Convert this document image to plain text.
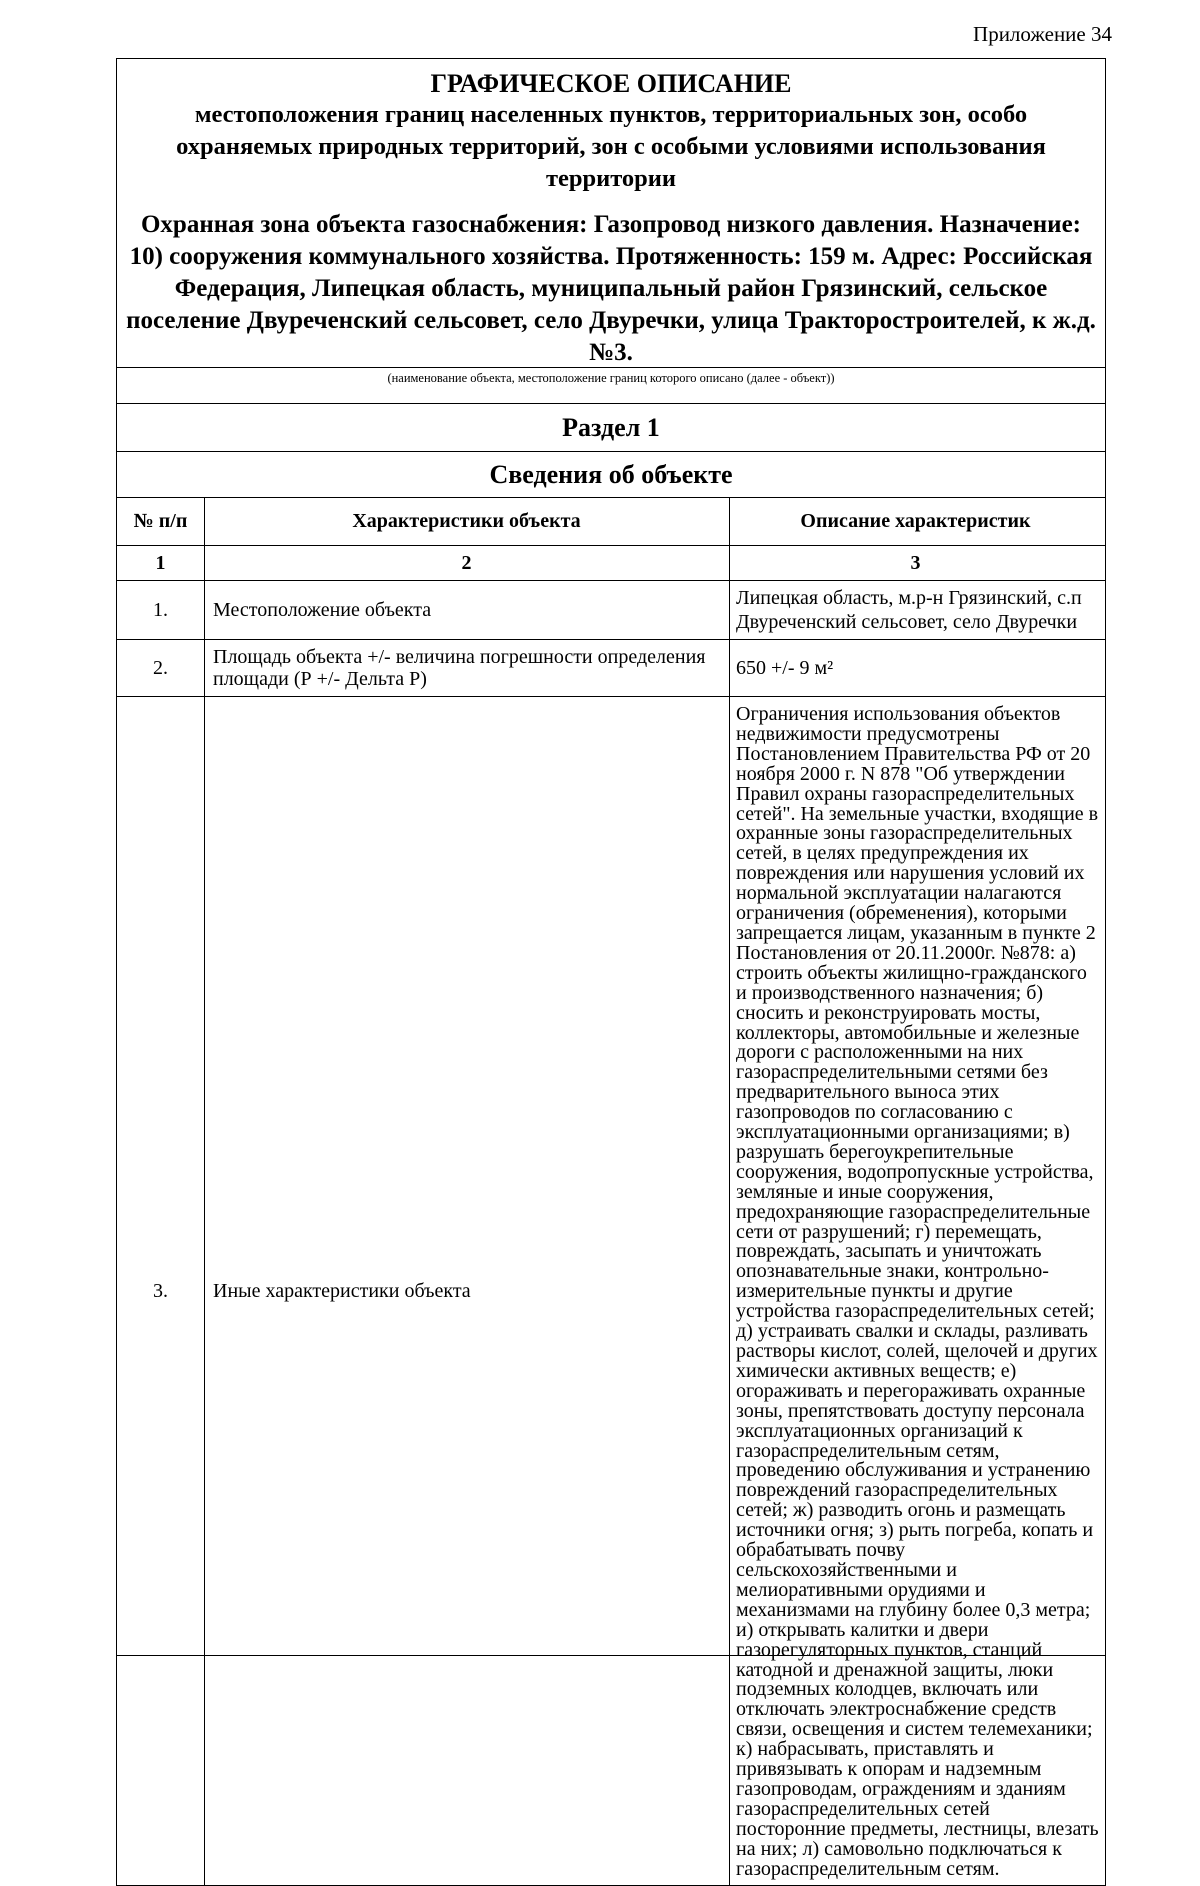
Приложение 34
ГРАФИЧЕСКОЕ ОПИСАНИЕ
местоположения границ населенных пунктов, территориальных зон, особо охраняемых природных территорий, зон с особыми условиями использования территории
Охранная зона объекта газоснабжения: Газопровод низкого давления. Назначение: 10) сооружения коммунального хозяйства. Протяженность: 159 м. Адрес: Российская Федерация, Липецкая область, муниципальный район Грязинский, сельское поселение Двуреченский сельсовет, село Двуречки, улица Тракторостроителей, к ж.д. №3.
(наименование объекта, местоположение границ которого описано (далее - объект))
Раздел 1
Сведения об объекте
№ п/п	Характеристики объекта	Описание характеристик
1	2	3
1.	Местоположение объекта	Липецкая область, м.р-н Грязинский, с.п Двуреченский сельсовет, село Двуречки
2.	Площадь объекта +/- величина погрешности определения площади (Р +/- Дельта Р)	650 +/- 9 м²
3.	Иные характеристики объекта	Ограничения использования объектов недвижимости предусмотрены Постановлением Правительства РФ от 20 ноября 2000 г. N 878 "Об утверждении Правил охраны газораспределительных сетей". На земельные участки, входящие в охранные зоны газораспределительных сетей, в целях предупреждения их повреждения или нарушения условий их нормальной эксплуатации налагаются ограничения (обременения), которыми запрещается лицам, указанным в пункте 2 Постановления от 20.11.2000г. №878: а) строить объекты жилищно-гражданского и производственного назначения; б) сносить и реконструировать мосты, коллекторы, автомобильные и железные дороги с расположенными на них газораспределительными сетями без предварительного выноса этих газопроводов по согласованию с эксплуатационными организациями; в) разрушать берегоукрепительные сооружения, водопропускные устройства, земляные и иные сооружения, предохраняющие газораспределительные сети от разрушений; г) перемещать, повреждать, засыпать и уничтожать опознавательные знаки, контрольно-измерительные пункты и другие устройства газораспределительных сетей; д) устраивать свалки и склады, разливать растворы кислот, солей, щелочей и других химически активных веществ; е) огораживать и перегораживать охранные зоны, препятствовать доступу персонала эксплуатационных организаций к газораспределительным сетям, проведению обслуживания и устранению повреждений газораспределительных сетей; ж) разводить огонь и размещать источники огня; з) рыть погреба, копать и обрабатывать почву сельскохозяйственными и мелиоративными орудиями и механизмами на глубину более 0,3 метра; и) открывать калитки и двери газорегуляторных пунктов, станций катодной и дренажной защиты, люки подземных колодцев, включать или отключать электроснабжение средств связи, освещения и систем телемеханики; к) набрасывать, приставлять и привязывать к опорам и надземным газопроводам, ограждениям и зданиям газораспределительных сетей посторонние предметы, лестницы, влезать на них; л) самовольно подключаться к газораспределительным сетям.
